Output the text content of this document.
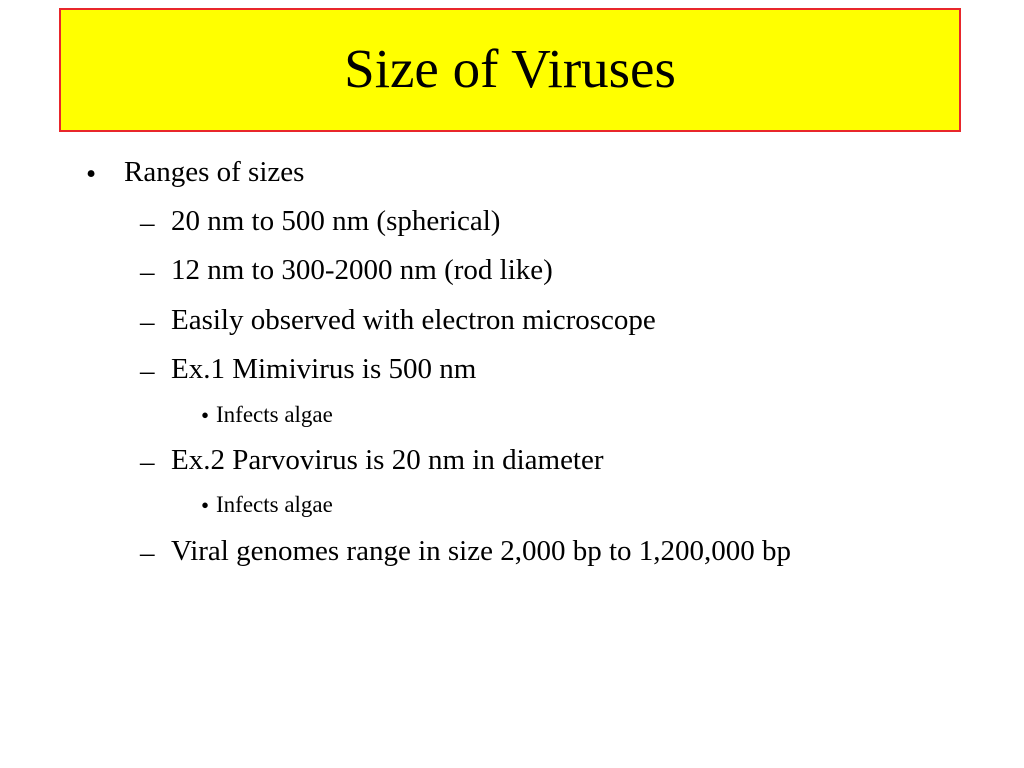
Size of Viruses
• Ranges of sizes
– 20 nm to 500 nm (spherical)
– 12 nm to 300-2000 nm (rod like)
– Easily observed with electron microscope
– Ex.1 Mimivirus is 500 nm
• Infects algae
– Ex.2 Parvovirus is 20 nm in diameter
• Infects algae
– Viral genomes range in size 2,000 bp to 1,200,000 bp
